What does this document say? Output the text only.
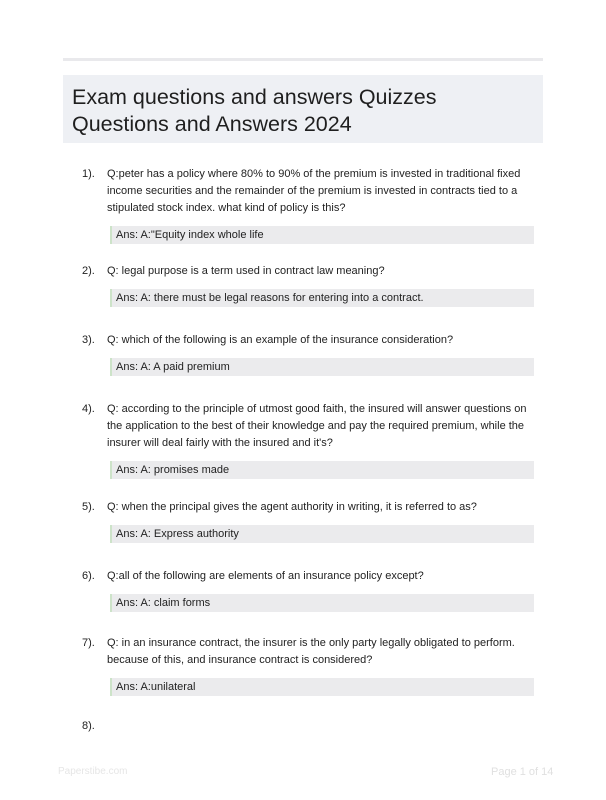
Exam questions and answers Quizzes Questions and Answers 2024
1). Q:peter has a policy where 80% to 90% of the premium is invested in traditional fixed income securities and the remainder of the premium is invested in contracts tied to a stipulated stock index. what kind of policy is this?
Ans: A:"Equity index whole life
2). Q: legal purpose is a term used in contract law meaning?
Ans: A: there must be legal reasons for entering into a contract.
3). Q: which of the following is an example of the insurance consideration?
Ans: A: A paid premium
4). Q: according to the principle of utmost good faith, the insured will answer questions on the application to the best of their knowledge and pay the required premium, while the insurer will deal fairly with the insured and it's?
Ans: A: promises made
5). Q: when the principal gives the agent authority in writing, it is referred to as?
Ans: A: Express authority
6). Q:all of the following are elements of an insurance policy except?
Ans: A: claim forms
7). Q: in an insurance contract, the insurer is the only party legally obligated to perform. because of this, and insurance contract is considered?
Ans: A:unilateral
8).
Paperstibe.com	Page 1 of 14
